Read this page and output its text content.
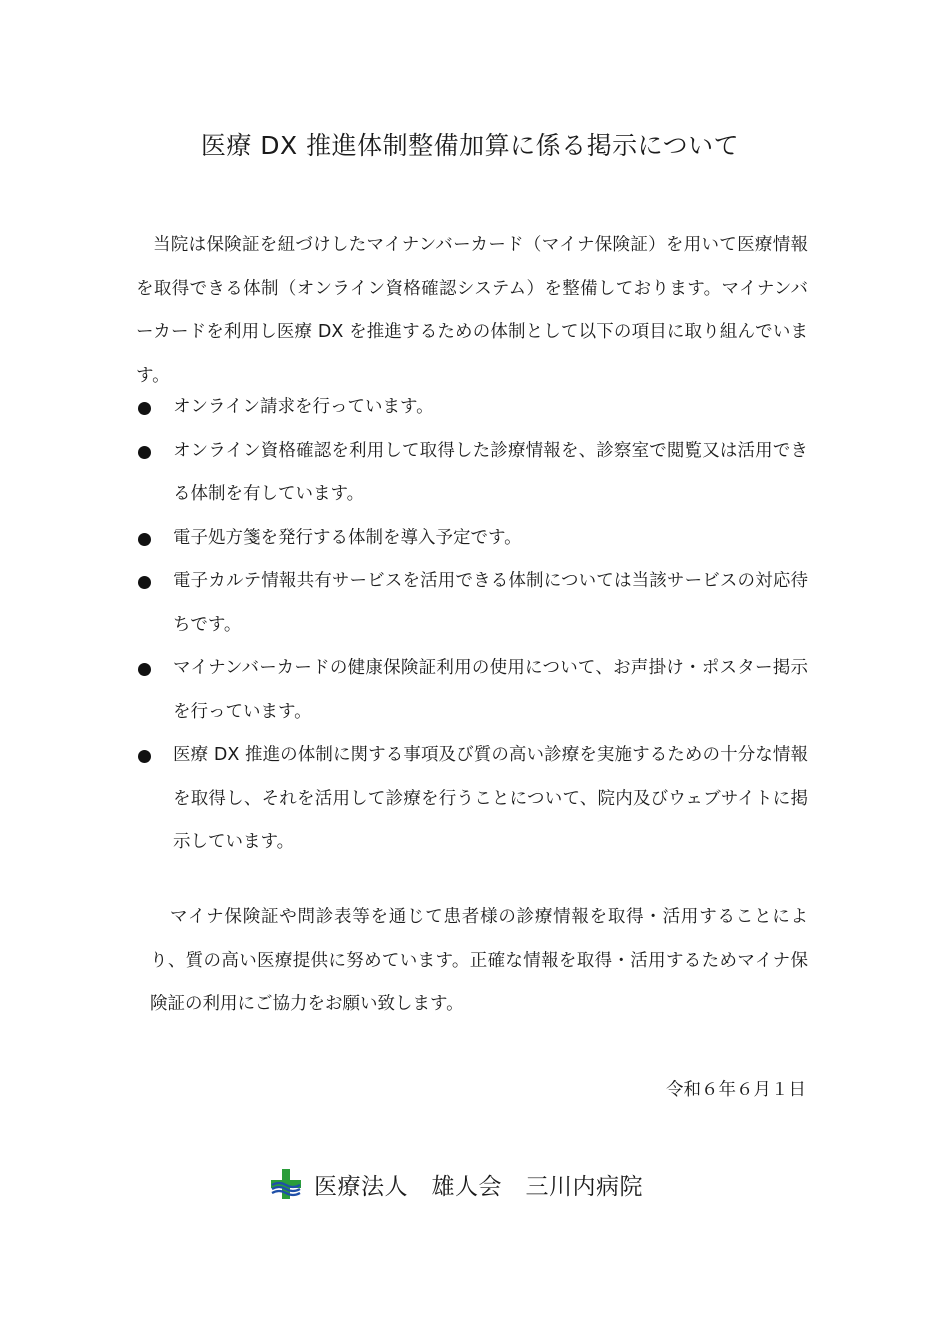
医療 DX 推進体制整備加算に係る掲示について

当院は保険証を紐づけしたマイナンバーカード（マイナ保険証）を用いて医療情報を取得できる体制（オンライン資格確認システム）を整備しております。マイナンバーカードを利用し医療 DX を推進するための体制として以下の項目に取り組んでいます。

オンライン請求を行っています。
オンライン資格確認を利用して取得した診療情報を、診察室で閲覧又は活用できる体制を有しています。
電子処方箋を発行する体制を導入予定です。
電子カルテ情報共有サービスを活用できる体制については当該サービスの対応待ちです。
マイナンバーカードの健康保険証利用の使用について、お声掛け・ポスター掲示を行っています。
医療 DX 推進の体制に関する事項及び質の高い診療を実施するための十分な情報を取得し、それを活用して診療を行うことについて、院内及びウェブサイトに掲示しています。

マイナ保険証や問診表等を通じて患者様の診療情報を取得・活用することにより、質の高い医療提供に努めています。正確な情報を取得・活用するためマイナ保険証の利用にご協力をお願い致します。

令和６年６月１日
医療法人　雄人会　三川内病院
